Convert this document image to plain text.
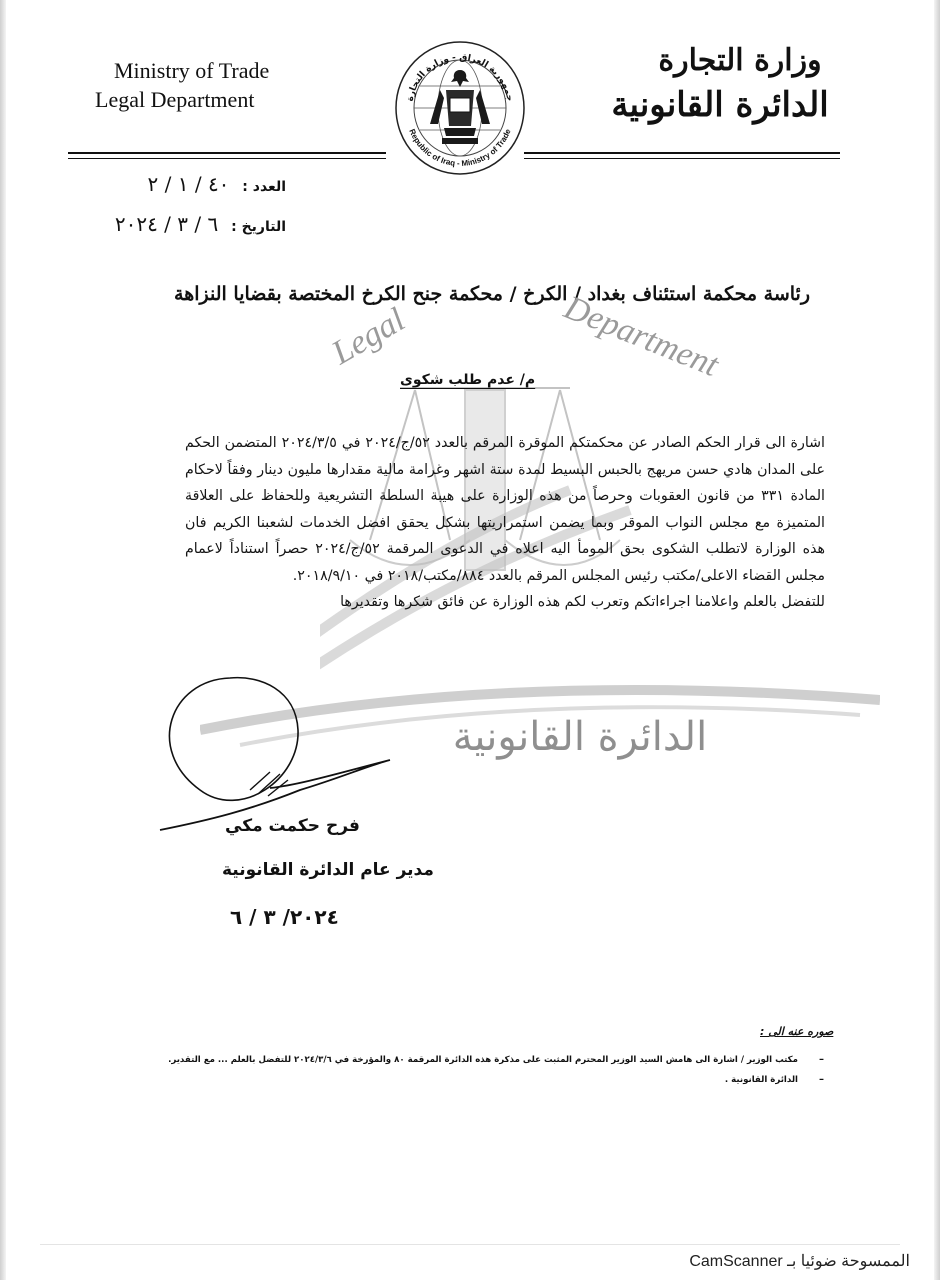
Ministry of Trade
Legal Department	جمهورية العراق - وزارة التجارة
Republic of Iraq - Ministry of Trade
وزارة التجارة
الدائرة القانونية
العدد : ٤٠ / ١ / ٢
التاريخ : ٦ / ٣ / ٢٠٢٤
رئاسة محكمة استئناف بغداد / الكرخ / محكمة جنح الكرخ المختصة بقضايا النزاهة
Legal	Department
م/ عدم طلب شكوى

اشارة الى قرار الحكم الصادر عن محكمتكم الموقرة المرقم بالعدد ٥٢/ج/٢٠٢٤ في ٢٠٢٤/٣/٥ المتضمن الحكم على المدان هادي حسن مريهج بالحبس البسيط لمدة ستة اشهر وغرامة مالية مقدارها مليون دينار وفقاً لاحكام المادة ٣٣١ من قانون العقوبات وحرصاً من هذه الوزارة على هيبة السلطة التشريعية وللحفاظ على العلاقة المتميزة مع مجلس النواب الموقر وبما يضمن استمراريتها بشكل يحقق افضل الخدمات لشعبنا الكريم فان هذه الوزارة لاتطلب الشكوى بحق المومأ اليه اعلاه في الدعوى المرقمة ٥٢/ج/٢٠٢٤ حصراً استناداً لاعمام مجلس القضاء الاعلى/مكتب رئيس المجلس المرقم بالعدد ٨٨٤/مكتب/٢٠١٨ في ٢٠١٨/٩/١٠.

للتفضل بالعلم واعلامنا اجراءاتكم وتعرب لكم هذه الوزارة عن فائق شكرها وتقديرها

الدائرة القانونية
فرح حكمت مكي
مدير عام الدائرة القانونية
٢٠٢٤/ ٣ / ٦
صوره عنه الى :
–
مكتب الوزير / اشارة الى هامش السيد الوزير المحترم المثبت على مذكرة هذه الدائرة المرقمة ٨٠ والمؤرخة في ٢٠٢٤/٣/٦ للتفضل بالعلم ... مع التقدير.
–
الدائرة القانونية .
الممسوحة ضوئيا بـ CamScanner
